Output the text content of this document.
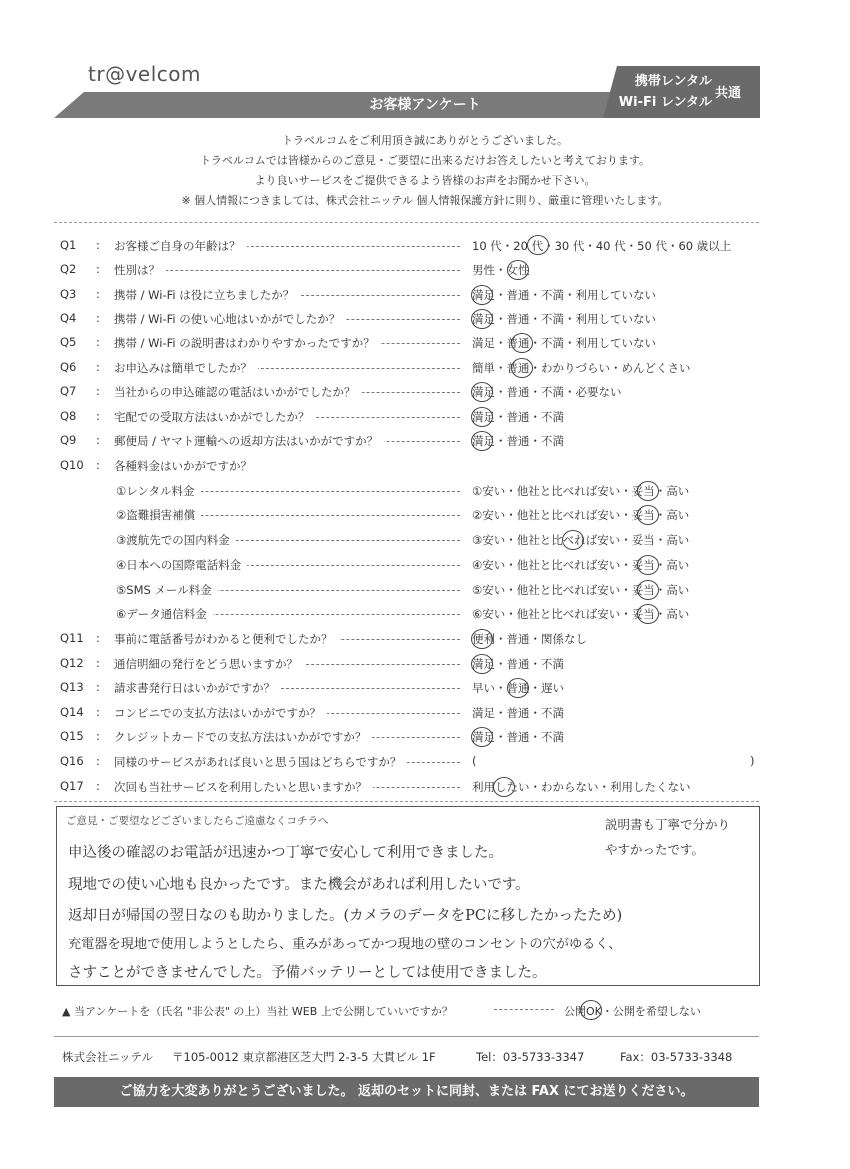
tr@velcom
お客様アンケート
携帯レンタル
Wi-Fi レンタル
共通
トラベルコムをご利用頂き誠にありがとうございました。
トラベルコムでは皆様からのご意見・ご要望に出来るだけお答えしたいと考えております。
より良いサービスをご提供できるよう皆様のお声をお聞かせ下さい。
※ 個人情報につきましては、株式会社ニッテル 個人情報保護方針に則り、厳重に管理いたします。
Q1 : お客様ご自身の年齢は？	10 代・20 代・30 代・40 代・50 代・60 歳以上
Q2 : 性別は？	男性・女性
Q3 : 携帯 / Wi-Fi は役に立ちましたか？	満足・普通・不満・利用していない
Q4 : 携帯 / Wi-Fi の使い心地はいかがでしたか？	満足・普通・不満・利用していない
Q5 : 携帯 / Wi-Fi の説明書はわかりやすかったですか？	満足・普通・不満・利用していない
Q6 : お申込みは簡単でしたか？	簡単・普通・わかりづらい・めんどくさい
Q7 : 当社からの申込確認の電話はいかがでしたか？	満足・普通・不満・必要ない
Q8 : 宅配での受取方法はいかがでしたか？	満足・普通・不満
Q9 : 郵便局 / ヤマト運輸への返却方法はいかがですか？	満足・普通・不満
Q10 : 各種料金はいかがですか？
①レンタル料金	①安い・他社と比べれば安い・妥当・高い
②盗難損害補償	②安い・他社と比べれば安い・妥当・高い
③渡航先での国内料金	③安い・他社と比べれば安い・妥当・高い
④日本への国際電話料金	④安い・他社と比べれば安い・妥当・高い
⑤SMS メール料金	⑤安い・他社と比べれば安い・妥当・高い
⑥データ通信料金	⑥安い・他社と比べれば安い・妥当・高い
Q11 : 事前に電話番号がわかると便利でしたか？	便利・普通・関係なし
Q12 : 通信明細の発行をどう思いますか？	満足・普通・不満
Q13 : 請求書発行日はいかがですか？	早い・普通・遅い
Q14 : コンビニでの支払方法はいかがですか？	満足・普通・不満
Q15 : クレジットカードでの支払方法はいかがですか？	満足・普通・不満
Q16 : 同様のサービスがあれば良いと思う国はどちらですか？	(	)
Q17 : 次回も当社サービスを利用したいと思いますか？	利用したい・わからない・利用したくない
ご意見・ご要望などございましたらご遠慮なくコチラへ	説明書も丁寧で分かり
やすかったです。
申込後の確認のお電話が迅速かつ丁寧で安心して利用できました。
現地での使い心地も良かったです。また機会があれば利用したいです。
返却日が帰国の翌日なのも助かりました。(カメラのデータをPCに移したかったため)
充電器を現地で使用しようとしたら、重みがあってかつ現地の壁のコンセントの穴がゆるく、
さすことができませんでした。予備バッテリーとしては使用できました。
▲ 当アンケートを（氏名 "非公表" の上）当社 WEB 上で公開していいですか？	公開OK・公開を希望しない
株式会社ニッテル 〒105-0012 東京都港区芝大門 2-3-5 大貫ビル 1F	Tel：03-5733-3347	Fax：03-5733-3348
ご協力を大変ありがとうございました。 返却のセットに同封、または FAX にてお送りください。
